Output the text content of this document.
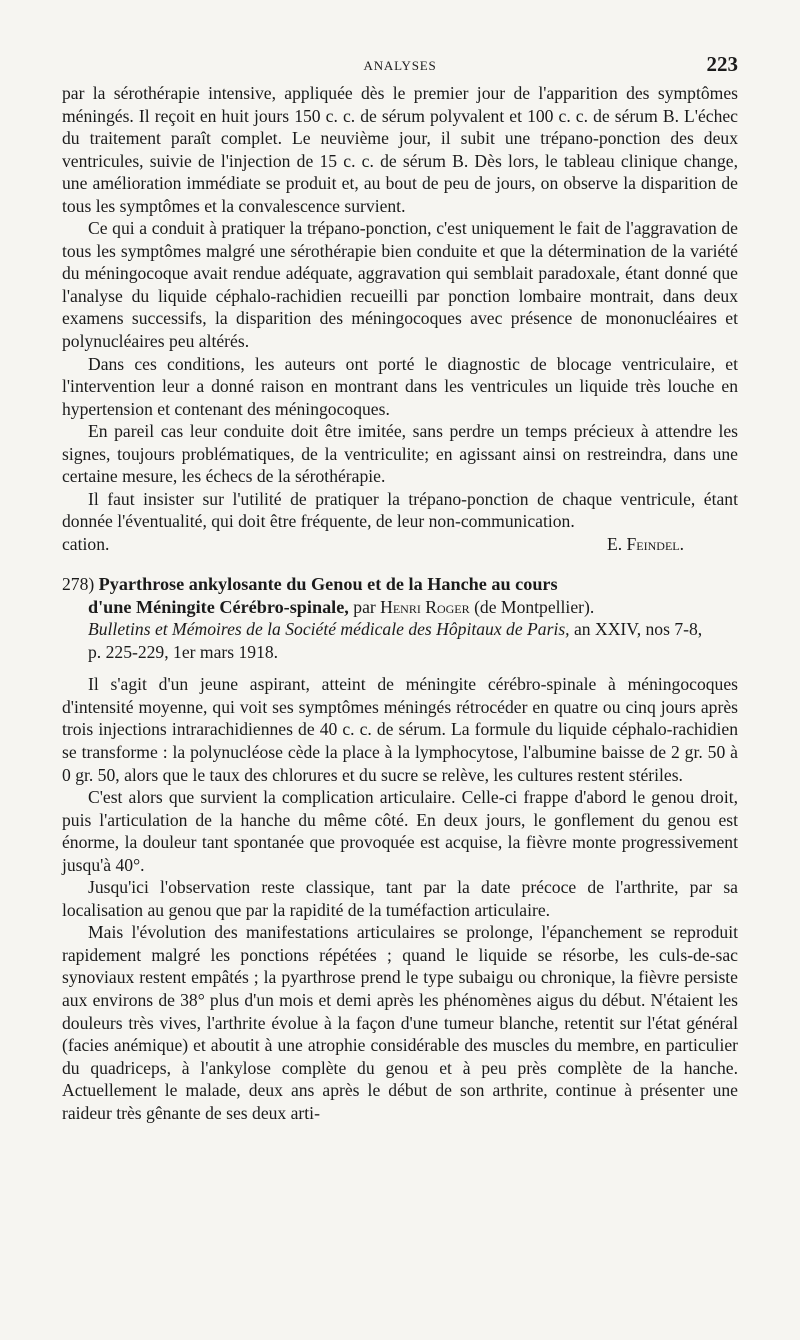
ANALYSES	223

par la sérothérapie intensive, appliquée dès le premier jour de l'apparition des symptômes méningés. Il reçoit en huit jours 150 c. c. de sérum polyvalent et 100 c. c. de sérum B. L'échec du traitement paraît complet. Le neuvième jour, il subit une trépano-ponction des deux ventricules, suivie de l'injection de 15 c. c. de sérum B. Dès lors, le tableau clinique change, une amélioration immédiate se produit et, au bout de peu de jours, on observe la disparition de tous les symptômes et la convalescence survient.

Ce qui a conduit à pratiquer la trépano-ponction, c'est uniquement le fait de l'aggravation de tous les symptômes malgré une sérothérapie bien conduite et que la détermination de la variété du méningocoque avait rendue adéquate, aggravation qui semblait paradoxale, étant donné que l'analyse du liquide céphalo-rachidien recueilli par ponction lombaire montrait, dans deux examens successifs, la disparition des méningocoques avec présence de mononucléaires et polynucléaires peu altérés.

Dans ces conditions, les auteurs ont porté le diagnostic de blocage ventriculaire, et l'intervention leur a donné raison en montrant dans les ventricules un liquide très louche en hypertension et contenant des méningocoques.

En pareil cas leur conduite doit être imitée, sans perdre un temps précieux à attendre les signes, toujours problématiques, de la ventriculite; en agissant ainsi on restreindra, dans une certaine mesure, les échecs de la sérothérapie.

Il faut insister sur l'utilité de pratiquer la trépano-ponction de chaque ventricule, étant donnée l'éventualité, qui doit être fréquente, de leur non-communication.

cation.	E. Feindel.

278) Pyarthrose ankylosante du Genou et de la Hanche au cours

d'une Méningite Cérébro-spinale, par Henri Roger (de Montpellier).

Bulletins et Mémoires de la Société médicale des Hôpitaux de Paris, an XXIV, nos 7-8,

p. 225-229, 1er mars 1918.

Il s'agit d'un jeune aspirant, atteint de méningite cérébro-spinale à méningocoques d'intensité moyenne, qui voit ses symptômes méningés rétrocéder en quatre ou cinq jours après trois injections intrarachidiennes de 40 c. c. de sérum. La formule du liquide céphalo-rachidien se transforme : la polynucléose cède la place à la lymphocytose, l'albumine baisse de 2 gr. 50 à 0 gr. 50, alors que le taux des chlorures et du sucre se relève, les cultures restent stériles.

C'est alors que survient la complication articulaire. Celle-ci frappe d'abord le genou droit, puis l'articulation de la hanche du même côté. En deux jours, le gonflement du genou est énorme, la douleur tant spontanée que provoquée est acquise, la fièvre monte progressivement jusqu'à 40°.

Jusqu'ici l'observation reste classique, tant par la date précoce de l'arthrite, par sa localisation au genou que par la rapidité de la tuméfaction articulaire.

Mais l'évolution des manifestations articulaires se prolonge, l'épanchement se reproduit rapidement malgré les ponctions répétées ; quand le liquide se résorbe, les culs-de-sac synoviaux restent empâtés ; la pyarthrose prend le type subaigu ou chronique, la fièvre persiste aux environs de 38° plus d'un mois et demi après les phénomènes aigus du début. N'étaient les douleurs très vives, l'arthrite évolue à la façon d'une tumeur blanche, retentit sur l'état général (facies anémique) et aboutit à une atrophie considérable des muscles du membre, en particulier du quadriceps, à l'ankylose complète du genou et à peu près complète de la hanche. Actuellement le malade, deux ans après le début de son arthrite, continue à présenter une raideur très gênante de ses deux arti-
